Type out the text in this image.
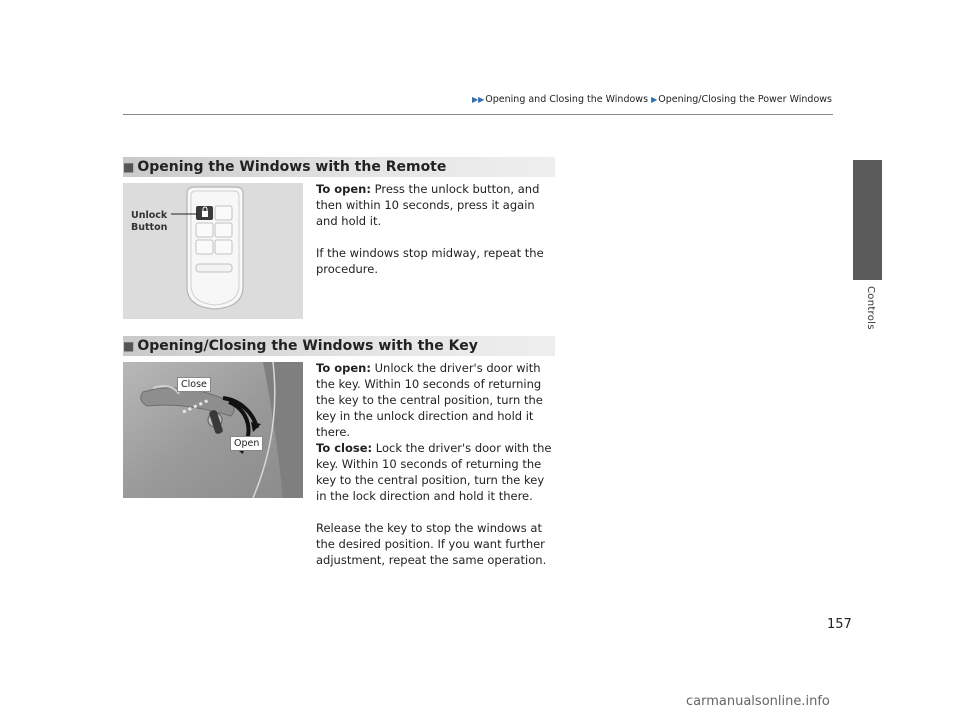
▶▶Opening and Closing the Windows ▶Opening/Closing the Power Windows
Controls
■ Opening the Windows with the Remote
Unlock
Button

To open: Press the unlock button, and then within 10 seconds, press it again and hold it.

If the windows stop midway, repeat the procedure.

■ Opening/Closing the Windows with the Key
Close
Open

To open: Unlock the driver's door with the key. Within 10 seconds of returning the key to the central position, turn the key in the unlock direction and hold it there.

To close: Lock the driver's door with the key. Within 10 seconds of returning the key to the central position, turn the key in the lock direction and hold it there.

Release the key to stop the windows at the desired position. If you want further adjustment, repeat the same operation.

157
carmanualsonline.info
